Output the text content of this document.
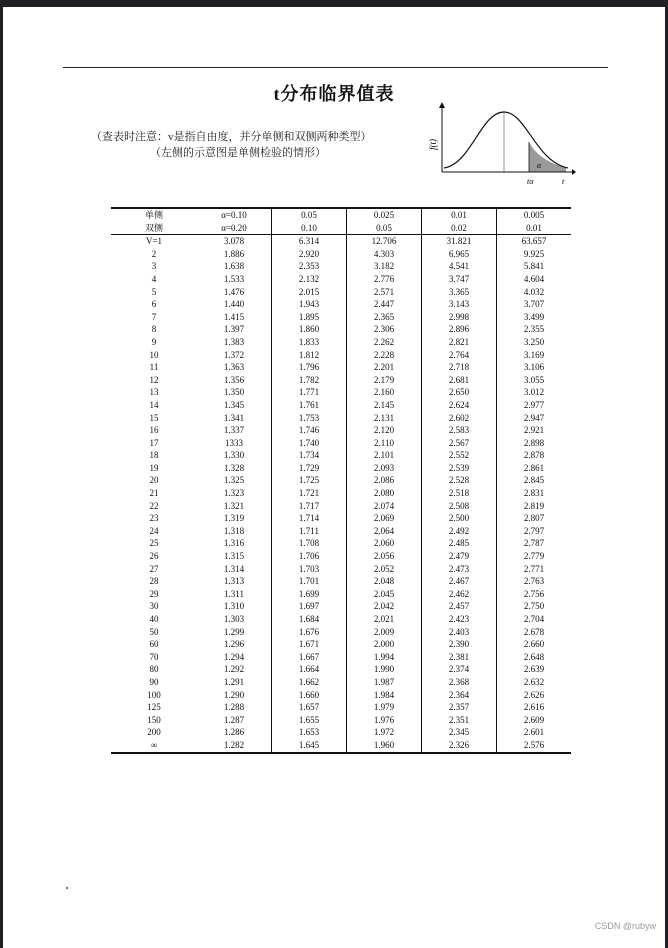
t分布临界值表
（查表时注意：v是指自由度，并分单侧和双侧两种类型）
（左侧的示意图是单侧检验的情形）
f(t)
α
tα	t
单侧	α=0.10	0.05	0.025	0.01	0.005
双侧	α=0.20	0.10	0.05	0.02	0.01
V=1	3.078	6.314	12.706	31.821	63.657
2	1.886	2.920	4.303	6.965	9.925
3	1.638	2.353	3.182	4.541	5.841
4	1.533	2.132	2.776	3.747	4.604
5	1.476	2.015	2.571	3.365	4.032
6	1.440	1.943	2.447	3.143	3.707
7	1.415	1.895	2.365	2.998	3.499
8	1.397	1.860	2.306	2.896	2.355
9	1.383	1.833	2.262	2.821	3.250
10	1.372	1.812	2.228	2.764	3.169
11	1.363	1.796	2.201	2.718	3.106
12	1.356	1.782	2.179	2.681	3.055
13	1.350	1.771	2.160	2.650	3.012
14	1.345	1.761	2.145	2.624	2.977
15	1.341	1.753	2.131	2.602	2.947
16	1.337	1.746	2.120	2.583	2.921
17	1333	1.740	2.110	2.567	2.898
18	1.330	1.734	2.101	2.552	2.878
19	1.328	1.729	2.093	2.539	2.861
20	1.325	1.725	2.086	2.528	2.845
21	1.323	1.721	2.080	2.518	2.831
22	1.321	1.717	2.074	2.508	2.819
23	1.319	1.714	2.069	2.500	2.807
24	1.318	1.711	2.064	2.492	2.797
25	1.316	1.708	2.060	2.485	2.787
26	1.315	1.706	2.056	2.479	2.779
27	1.314	1.703	2.052	2.473	2.771
28	1.313	1.701	2.048	2.467	2.763
29	1.311	1.699	2.045	2.462	2.756
30	1.310	1.697	2.042	2.457	2.750
40	1.303	1.684	2.021	2.423	2.704
50	1.299	1.676	2.009	2.403	2.678
60	1.296	1.671	2.000	2.390	2.660
70	1.294	1.667	1.994	2.381	2.648
80	1.292	1.664	1.990	2.374	2.639
90	1.291	1.662	1.987	2.368	2.632
100	1.290	1.660	1.984	2.364	2.626
125	1.288	1.657	1.979	2.357	2.616
150	1.287	1.655	1.976	2.351	2.609
200	1.286	1.653	1.972	2.345	2.601
∞	1.282	1.645	1.960	2.326	2.576
CSDN @rubyw
